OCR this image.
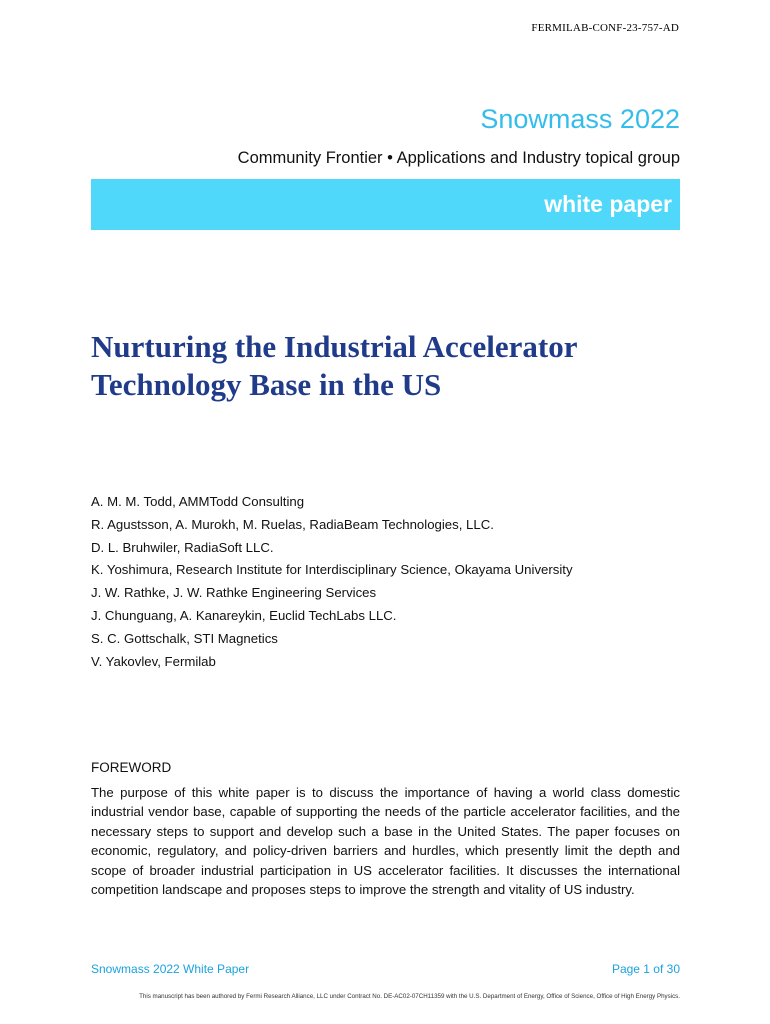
FERMILAB-CONF-23-757-AD
Snowmass 2022
Community Frontier • Applications and Industry topical group
white paper
Nurturing the Industrial Accelerator
Technology Base in the US
A. M. M. Todd, AMMTodd Consulting
R. Agustsson, A. Murokh, M. Ruelas, RadiaBeam Technologies, LLC.
D. L. Bruhwiler, RadiaSoft LLC.
K. Yoshimura, Research Institute for Interdisciplinary Science, Okayama University
J. W. Rathke, J. W. Rathke Engineering Services
J. Chunguang, A. Kanareykin, Euclid TechLabs LLC.
S. C. Gottschalk, STI Magnetics
V. Yakovlev, Fermilab
FOREWORD
The purpose of this white paper is to discuss the importance of having a world class domestic industrial vendor base, capable of supporting the needs of the particle accelerator facilities, and the necessary steps to support and develop such a base in the United States. The paper focuses on economic, regulatory, and policy-driven barriers and hurdles, which presently limit the depth and scope of broader industrial participation in US accelerator facilities. It discusses the international competition landscape and proposes steps to improve the strength and vitality of US industry.
Snowmass 2022 White Paper	Page 1 of 30
This manuscript has been authored by Fermi Research Alliance, LLC under Contract No. DE-AC02-07CH11359 with the U.S. Department of Energy, Office of Science, Office of High Energy Physics.
